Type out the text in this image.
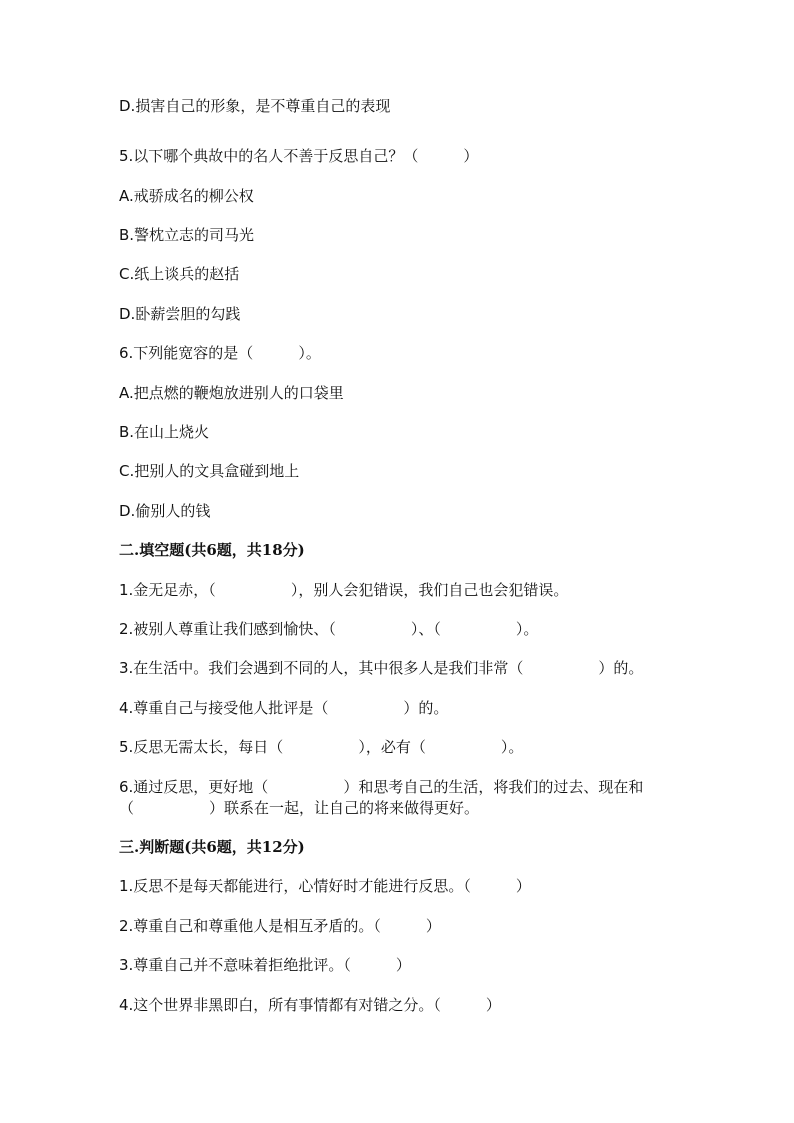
D.损害自己的形象，是不尊重自己的表现
5.以下哪个典故中的名人不善于反思自己？（　　　）
A.戒骄成名的柳公权
B.警枕立志的司马光
C.纸上谈兵的赵括
D.卧薪尝胆的勾践
6.下列能宽容的是（　　　）。
A.把点燃的鞭炮放进别人的口袋里
B.在山上烧火
C.把别人的文具盒碰到地上
D.偷别人的钱
二.填空题(共6题，共18分)
1.金无足赤，（　　　　　），别人会犯错误，我们自己也会犯错误。
2.被别人尊重让我们感到愉快、（　　　　　）、（　　　　　）。
3.在生活中。我们会遇到不同的人，其中很多人是我们非常（　　　　　）的。
4.尊重自己与接受他人批评是（　　　　　）的。
5.反思无需太长，每日（　　　　　），必有（　　　　　）。
6.通过反思，更好地（　　　　　）和思考自己的生活，将我们的过去、现在和
（　　　　　）联系在一起，让自己的将来做得更好。
三.判断题(共6题，共12分)
1.反思不是每天都能进行，心情好时才能进行反思。（　　　）
2.尊重自己和尊重他人是相互矛盾的。（　　　）
3.尊重自己并不意味着拒绝批评。（　　　）
4.这个世界非黑即白，所有事情都有对错之分。（　　　）
